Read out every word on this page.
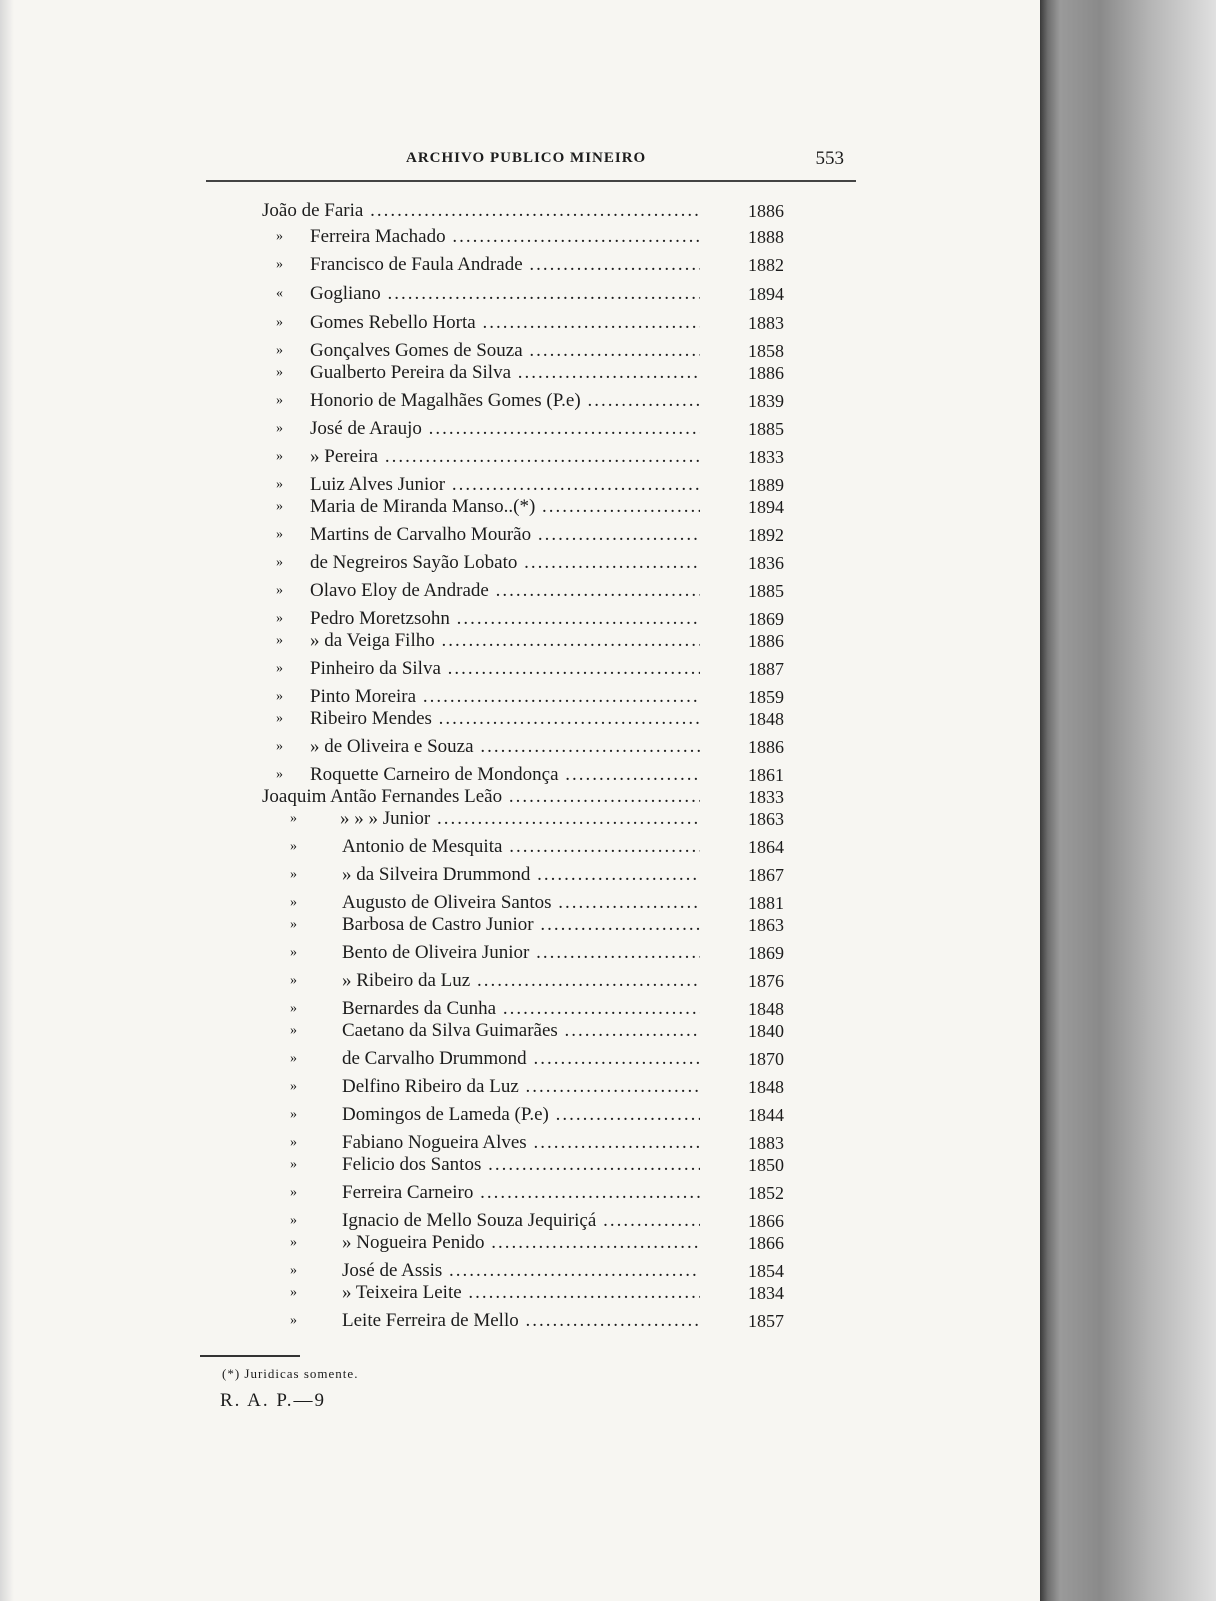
ARCHIVO PUBLICO MINEIRO	553
João de Faria .....	1886
» Ferreira Machado .....	1888
» Francisco de Faula Andrade .....	1882
« Gogliano .....	1894
» Gomes Rebello Horta .....	1883
» Gonçalves Gomes de Souza .....	1858
» Gualberto Pereira da Silva .....	1886
» Honorio de Magalhães Gomes (P.e) .....	1839
» José de Araujo .....	1885
» » Pereira .....	1833
» Luiz Alves Junior .....	1889
» Maria de Miranda Manso..(*) .....	1894
» Martins de Carvalho Mourão .....	1892
» de Negreiros Sayão Lobato .....	1836
» Olavo Eloy de Andrade .....	1885
» Pedro Moretzsohn .....	1869
» » da Veiga Filho .....	1886
» Pinheiro da Silva .....	1887
» Pinto Moreira .....	1859
» Ribeiro Mendes .....	1848
» » de Oliveira e Souza .....	1886
» Roquette Carneiro de Mondonça .....	1861
Joaquim Antão Fernandes Leão .....	1833
» » » » Junior .....	1863
» Antonio de Mesquita .....	1864
» » da Silveira Drummond .....	1867
» Augusto de Oliveira Santos .....	1881
» Barbosa de Castro Junior .....	1863
» Bento de Oliveira Junior .....	1869
» » Ribeiro da Luz .....	1876
» Bernardes da Cunha .....	1848
» Caetano da Silva Guimarães .....	1840
» de Carvalho Drummond .....	1870
» Delfino Ribeiro da Luz .....	1848
» Domingos de Lameda (P.e) .....	1844
» Fabiano Nogueira Alves .....	1883
» Felicio dos Santos .....	1850
» Ferreira Carneiro .....	1852
» Ignacio de Mello Souza Jequiriçá .....	1866
» » Nogueira Penido .....	1866
» José de Assis .....	1854
» » Teixeira Leite .....	1834
» Leite Ferreira de Mello .....	1857
(*) Juridicas somente.
R. A. P.—9
